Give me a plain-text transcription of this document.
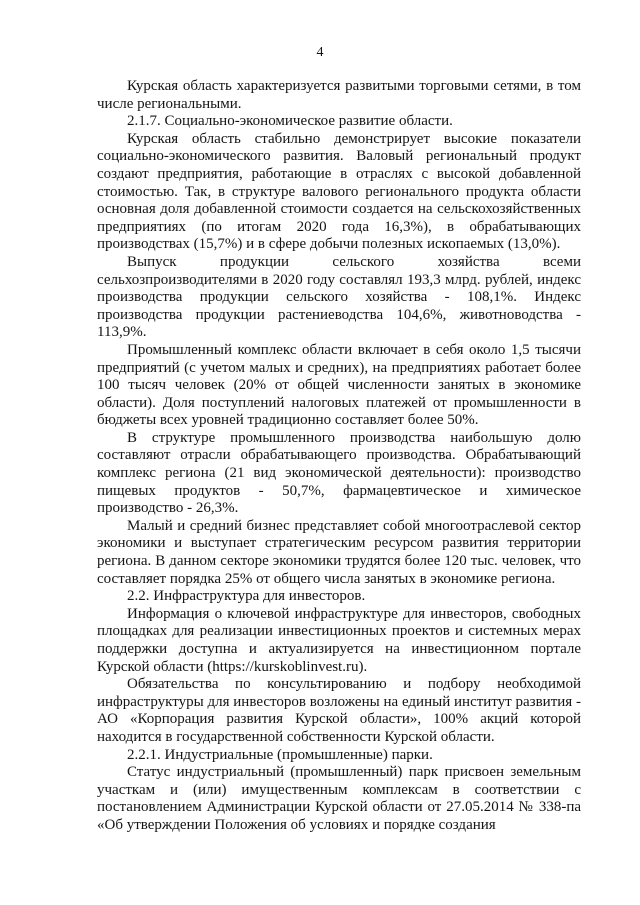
4

Курская область характеризуется развитыми торговыми сетями, в том числе региональными.

2.1.7. Социально-экономическое развитие области.

Курская область стабильно демонстрирует высокие показатели социально-экономического развития. Валовый региональный продукт создают предприятия, работающие в отраслях с высокой добавленной стоимостью. Так, в структуре валового регионального продукта области основная доля добавленной стоимости создается на сельскохозяйственных предприятиях (по итогам 2020 года 16,3%), в обрабатывающих производствах (15,7%) и в сфере добычи полезных ископаемых (13,0%).

Выпуск продукции сельского хозяйства всеми сельхозпроизводителями в 2020 году составлял 193,3 млрд. рублей, индекс производства продукции сельского хозяйства - 108,1%. Индекс производства продукции растениеводства 104,6%, животноводства - 113,9%.

Промышленный комплекс области включает в себя около 1,5 тысячи предприятий (с учетом малых и средних), на предприятиях работает более 100 тысяч человек (20% от общей численности занятых в экономике области). Доля поступлений налоговых платежей от промышленности в бюджеты всех уровней традиционно составляет более 50%.

В структуре промышленного производства наибольшую долю составляют отрасли обрабатывающего производства. Обрабатывающий комплекс региона (21 вид экономической деятельности): производство пищевых продуктов - 50,7%, фармацевтическое и химическое производство - 26,3%.

Малый и средний бизнес представляет собой многоотраслевой сектор экономики и выступает стратегическим ресурсом развития территории региона. В данном секторе экономики трудятся более 120 тыс. человек, что составляет порядка 25% от общего числа занятых в экономике региона.

2.2. Инфраструктура для инвесторов.

Информация о ключевой инфраструктуре для инвесторов, свободных площадках для реализации инвестиционных проектов и системных мерах поддержки доступна и актуализируется на инвестиционном портале Курской области (https://kurskoblinvest.ru).

Обязательства по консультированию и подбору необходимой инфраструктуры для инвесторов возложены на единый институт развития - АО «Корпорация развития Курской области», 100% акций которой находится в государственной собственности Курской области.

2.2.1. Индустриальные (промышленные) парки.

Статус индустриальный (промышленный) парк присвоен земельным участкам и (или) имущественным комплексам в соответствии с постановлением Администрации Курской области от 27.05.2014 № 338-па «Об утверждении Положения об условиях и порядке создания
